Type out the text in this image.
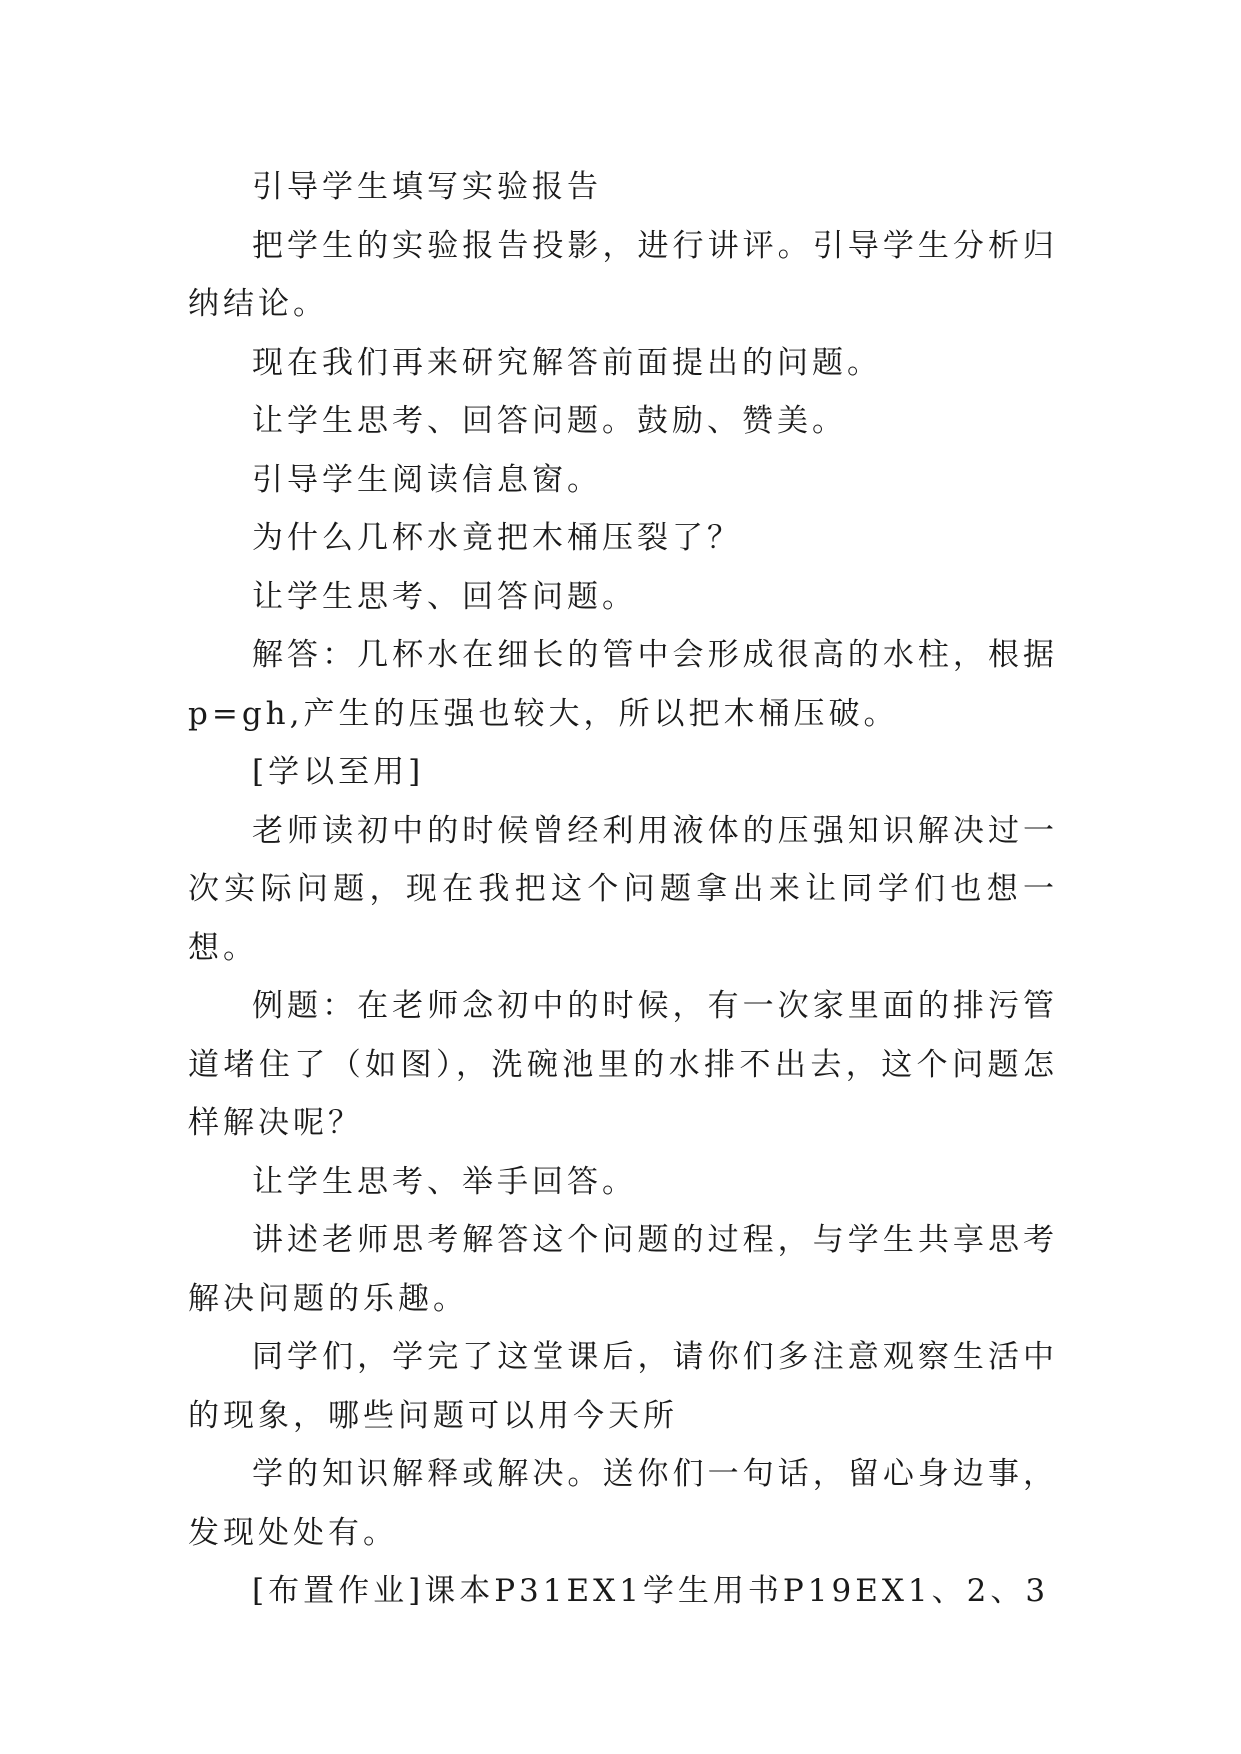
引导学生填写实验报告

把学生的实验报告投影，进行讲评。引导学生分析归纳结论。

现在我们再来研究解答前面提出的问题。

让学生思考、回答问题。鼓励、赞美。

引导学生阅读信息窗。

为什么几杯水竟把木桶压裂了？

让学生思考、回答问题。

解答：几杯水在细长的管中会形成很高的水柱，根据p=gh,产生的压强也较大，所以把木桶压破。

[学以至用]

老师读初中的时候曾经利用液体的压强知识解决过一次实际问题，现在我把这个问题拿出来让同学们也想一想。

例题：在老师念初中的时候，有一次家里面的排污管道堵住了（如图），洗碗池里的水排不出去，这个问题怎样解决呢？

让学生思考、举手回答。

讲述老师思考解答这个问题的过程，与学生共享思考解决问题的乐趣。

同学们，学完了这堂课后，请你们多注意观察生活中的现象，哪些问题可以用今天所

学的知识解释或解决。送你们一句话，留心身边事，发现处处有。

[布置作业]课本P31EX1学生用书P19EX1、2、3
